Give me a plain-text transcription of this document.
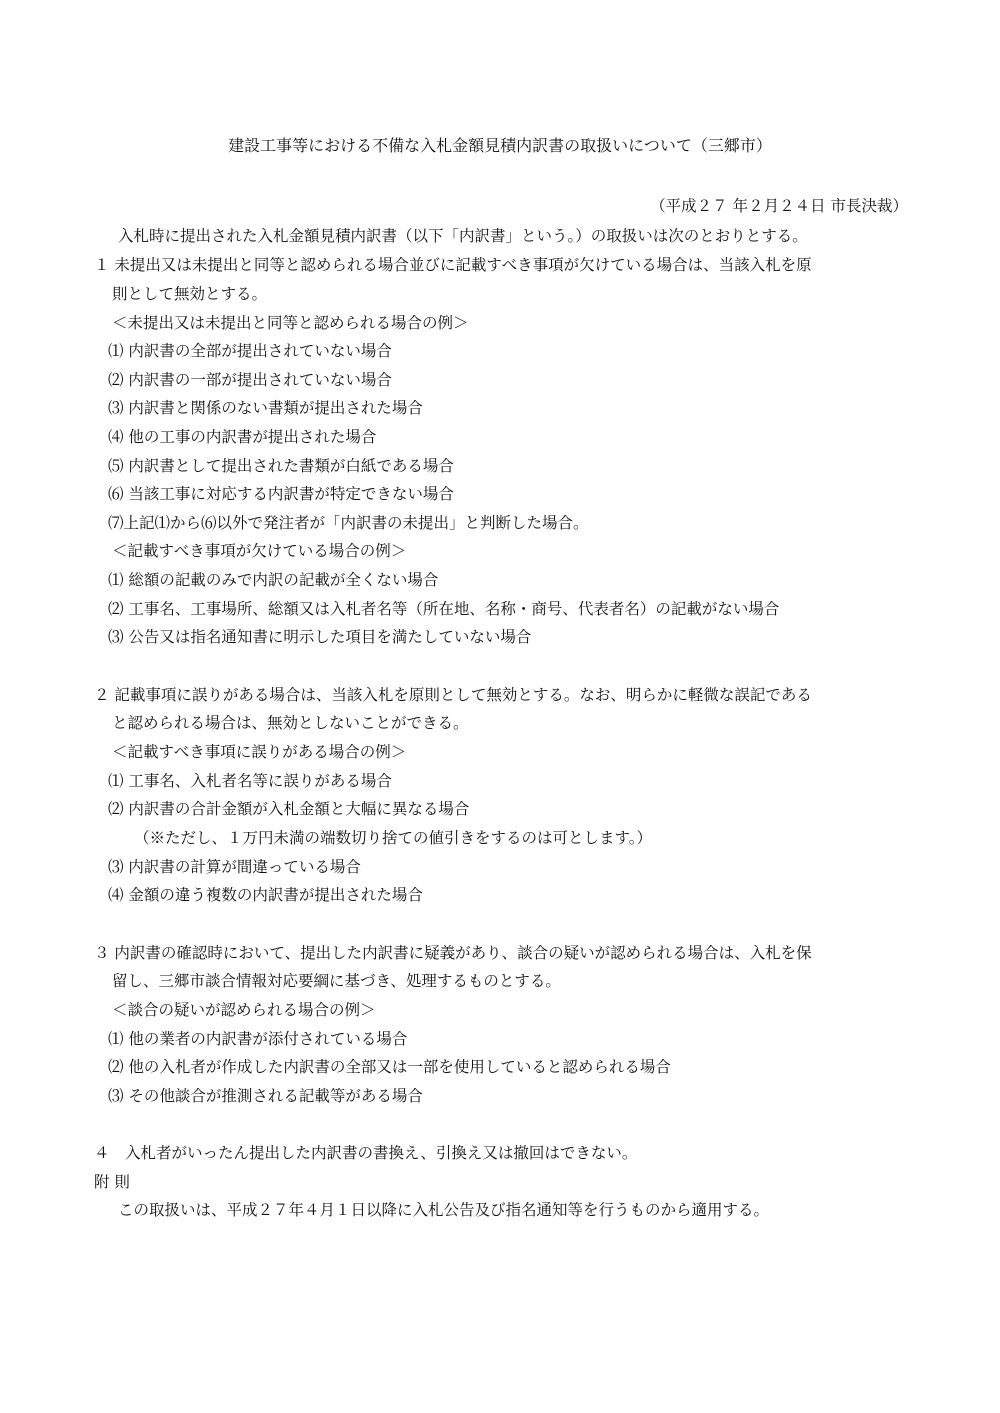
建設工事等における不備な入札金額見積内訳書の取扱いについて（三郷市）

（平成２７ 年２月２４日 市長決裁）

入札時に提出された入札金額見積内訳書（以下「内訳書」という。）の取扱いは次のとおりとする。

１ 未提出又は未提出と同等と認められる場合並びに記載すべき事項が欠けている場合は、当該入札を原

則として無効とする。

＜未提出又は未提出と同等と認められる場合の例＞

⑴ 内訳書の全部が提出されていない場合

⑵ 内訳書の一部が提出されていない場合

⑶ 内訳書と関係のない書類が提出された場合

⑷ 他の工事の内訳書が提出された場合

⑸ 内訳書として提出された書類が白紙である場合

⑹ 当該工事に対応する内訳書が特定できない場合

⑺上記⑴から⑹以外で発注者が「内訳書の未提出」と判断した場合。

＜記載すべき事項が欠けている場合の例＞

⑴ 総額の記載のみで内訳の記載が全くない場合

⑵ 工事名、工事場所、総額又は入札者名等（所在地、名称・商号、代表者名）の記載がない場合

⑶ 公告又は指名通知書に明示した項目を満たしていない場合

２ 記載事項に誤りがある場合は、当該入札を原則として無効とする。なお、明らかに軽微な誤記である

と認められる場合は、無効としないことができる。

＜記載すべき事項に誤りがある場合の例＞

⑴ 工事名、入札者名等に誤りがある場合

⑵ 内訳書の合計金額が入札金額と大幅に異なる場合

（※ただし、１万円未満の端数切り捨ての値引きをするのは可とします。）

⑶ 内訳書の計算が間違っている場合

⑷ 金額の違う複数の内訳書が提出された場合

３ 内訳書の確認時において、提出した内訳書に疑義があり、談合の疑いが認められる場合は、入札を保

留し、三郷市談合情報対応要綱に基づき、処理するものとする。

＜談合の疑いが認められる場合の例＞

⑴ 他の業者の内訳書が添付されている場合

⑵ 他の入札者が作成した内訳書の全部又は一部を使用していると認められる場合

⑶ その他談合が推測される記載等がある場合

４　入札者がいったん提出した内訳書の書換え、引換え又は撤回はできない。

附 則

この取扱いは、平成２７年４月１日以降に入札公告及び指名通知等を行うものから適用する。
